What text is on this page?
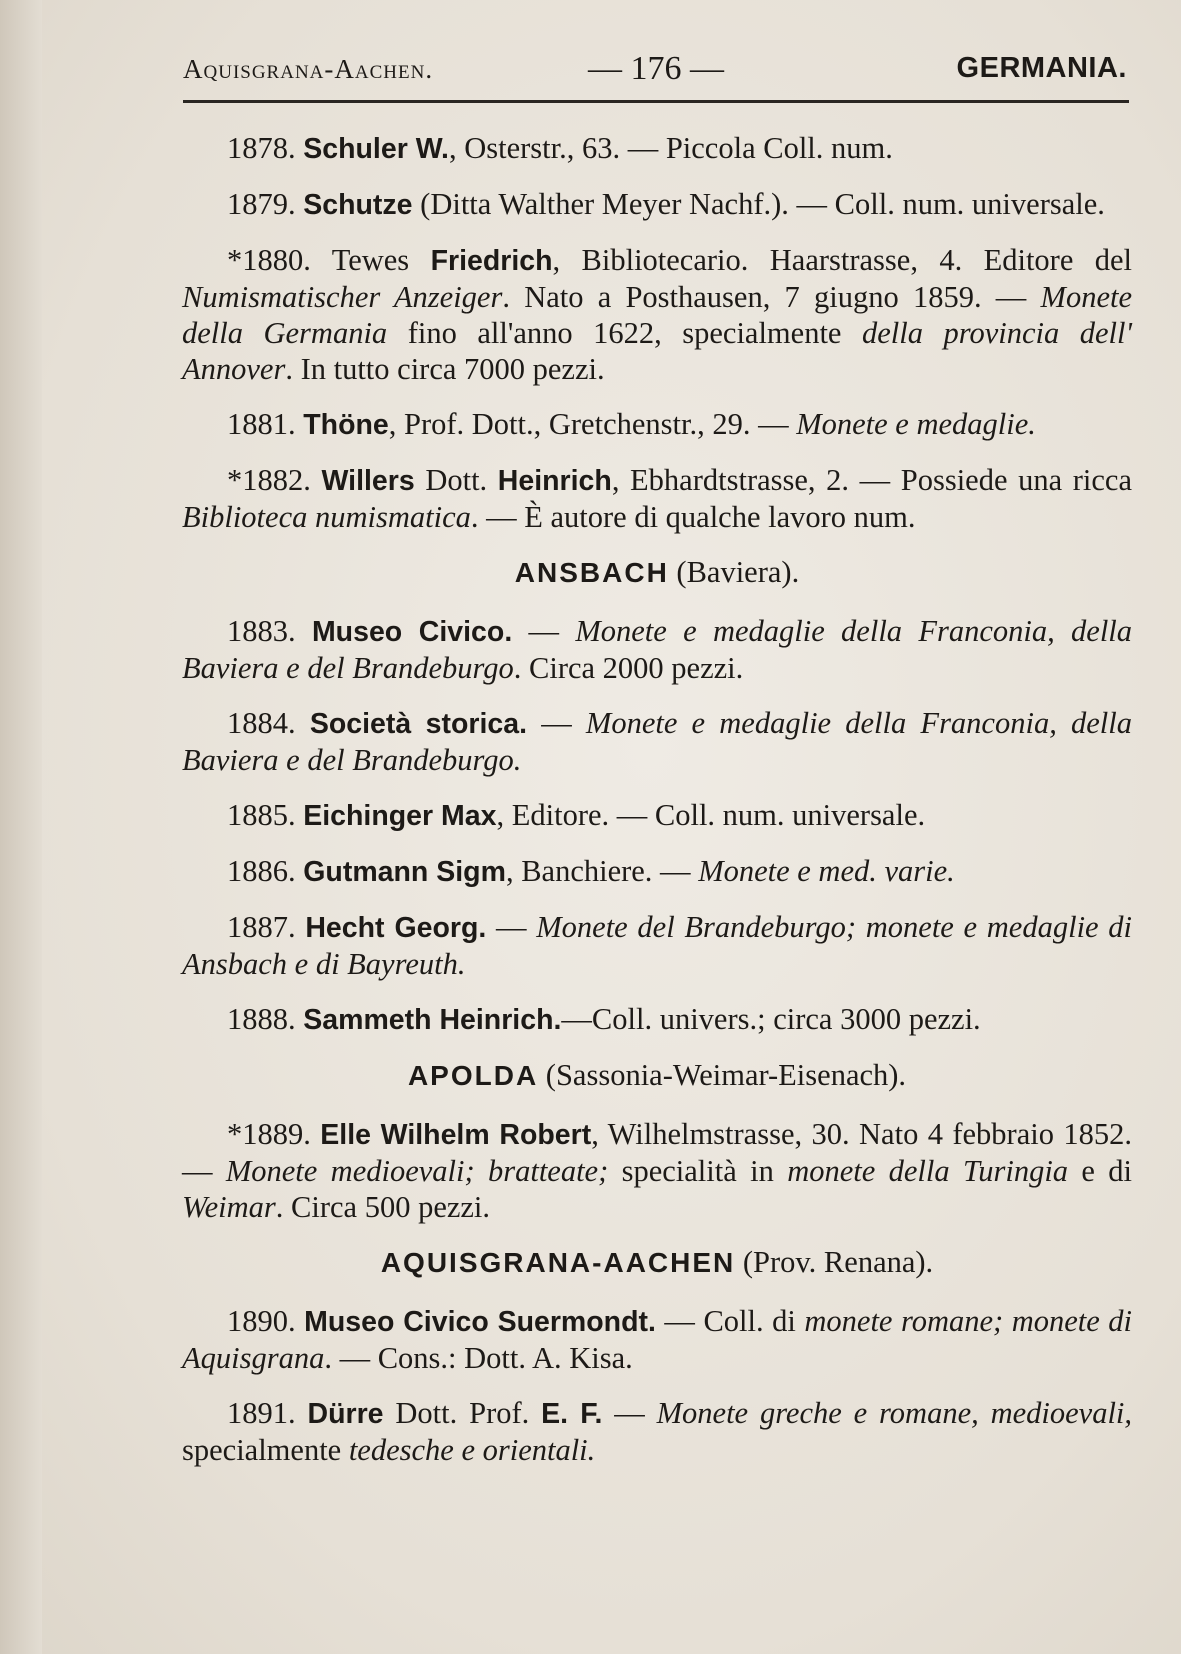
Aquisgrana-Aachen.	— 176 —	GERMANIA.

1878. Schuler W., Osterstr., 63. — Piccola Coll. num.

1879. Schutze (Ditta Walther Meyer Nachf.). — Coll. num. universale.

*1880. Tewes Friedrich, Bibliotecario. Haarstrasse, 4. Editore del Numismatischer Anzeiger. Nato a Posthausen, 7 giugno 1859. — Monete della Germania fino all'anno 1622, specialmente della provincia dell' Annover. In tutto circa 7000 pezzi.

1881. Thöne, Prof. Dott., Gretchenstr., 29. — Monete e medaglie.

*1882. Willers Dott. Heinrich, Ebhardtstrasse, 2. — Possiede una ricca Biblioteca numismatica. — È autore di qualche lavoro num.

ANSBACH (Baviera).

1883. Museo Civico. — Monete e medaglie della Franconia, della Baviera e del Brandeburgo. Circa 2000 pezzi.

1884. Società storica. — Monete e medaglie della Franconia, della Baviera e del Brandeburgo.

1885. Eichinger Max, Editore. — Coll. num. universale.

1886. Gutmann Sigm, Banchiere. — Monete e med. varie.

1887. Hecht Georg. — Monete del Brandeburgo; monete e medaglie di Ansbach e di Bayreuth.

1888. Sammeth Heinrich.—Coll. univers.; circa 3000 pezzi.

APOLDA (Sassonia-Weimar-Eisenach).

*1889. Elle Wilhelm Robert, Wilhelmstrasse, 30. Nato 4 febbraio 1852. — Monete medioevali; bratteate; specialità in monete della Turingia e di Weimar. Circa 500 pezzi.

AQUISGRANA-AACHEN (Prov. Renana).

1890. Museo Civico Suermondt. — Coll. di monete romane; monete di Aquisgrana. — Cons.: Dott. A. Kisa.

1891. Dürre Dott. Prof. E. F. — Monete greche e romane, medioevali, specialmente tedesche e orientali.
